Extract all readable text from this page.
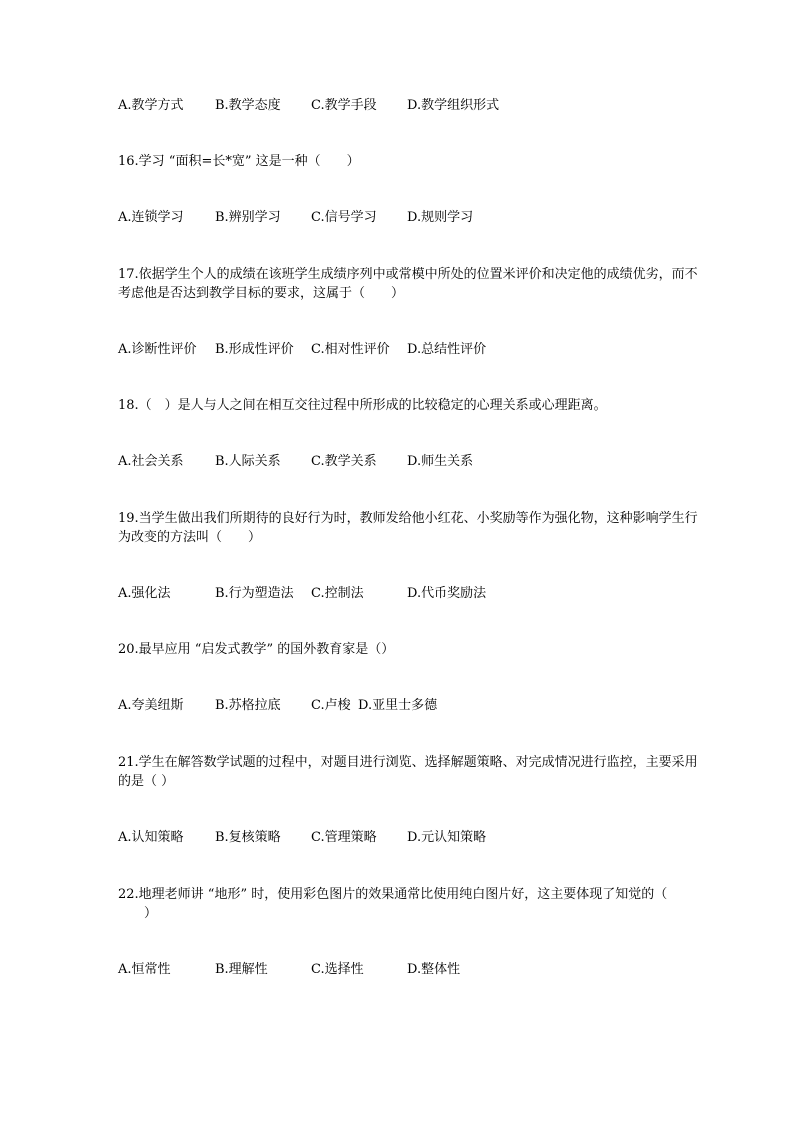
A.教学方式 B.教学态度 C.教学手段 D.教学组织形式
16.学习 “面积=长*宽” 这是一种（　　）
A.连锁学习 B.辨别学习 C.信号学习 D.规则学习
17.依据学生个人的成绩在该班学生成绩序列中或常模中所处的位置米评价和决定他的成绩优劣，而不
考虑他是否达到教学目标的要求，这属于（　　）
A.诊断性评价 B.形成性评价 C.相对性评价 D.总结性评价
18.（　）是人与人之间在相互交往过程中所形成的比较稳定的心理关系或心理距离。
A.社会关系 B.人际关系 C.教学关系 D.师生关系
19.当学生做出我们所期待的良好行为时，教师发给他小红花、小奖励等作为强化物，这种影响学生行
为改变的方法叫（　　）
A.强化法	B.行为塑造法 C.控制法	D.代币奖励法
20.最早应用 “启发式教学” 的国外教育家是（）
A.夸美纽斯 B.苏格拉底 C.卢梭 D.亚里士多德
21.学生在解答数学试题的过程中，对题目进行浏览、选择解题策略、对完成情况进行监控，主要采用
的是（ ）
A.认知策略 B.复核策略 C.管理策略 D.元认知策略
22.地理老师讲 “地形” 时，使用彩色图片的效果通常比使用纯白图片好，这主要体现了知觉的（
　　）
A.恒常性	B.理解性	C.选择性	D.整体性
